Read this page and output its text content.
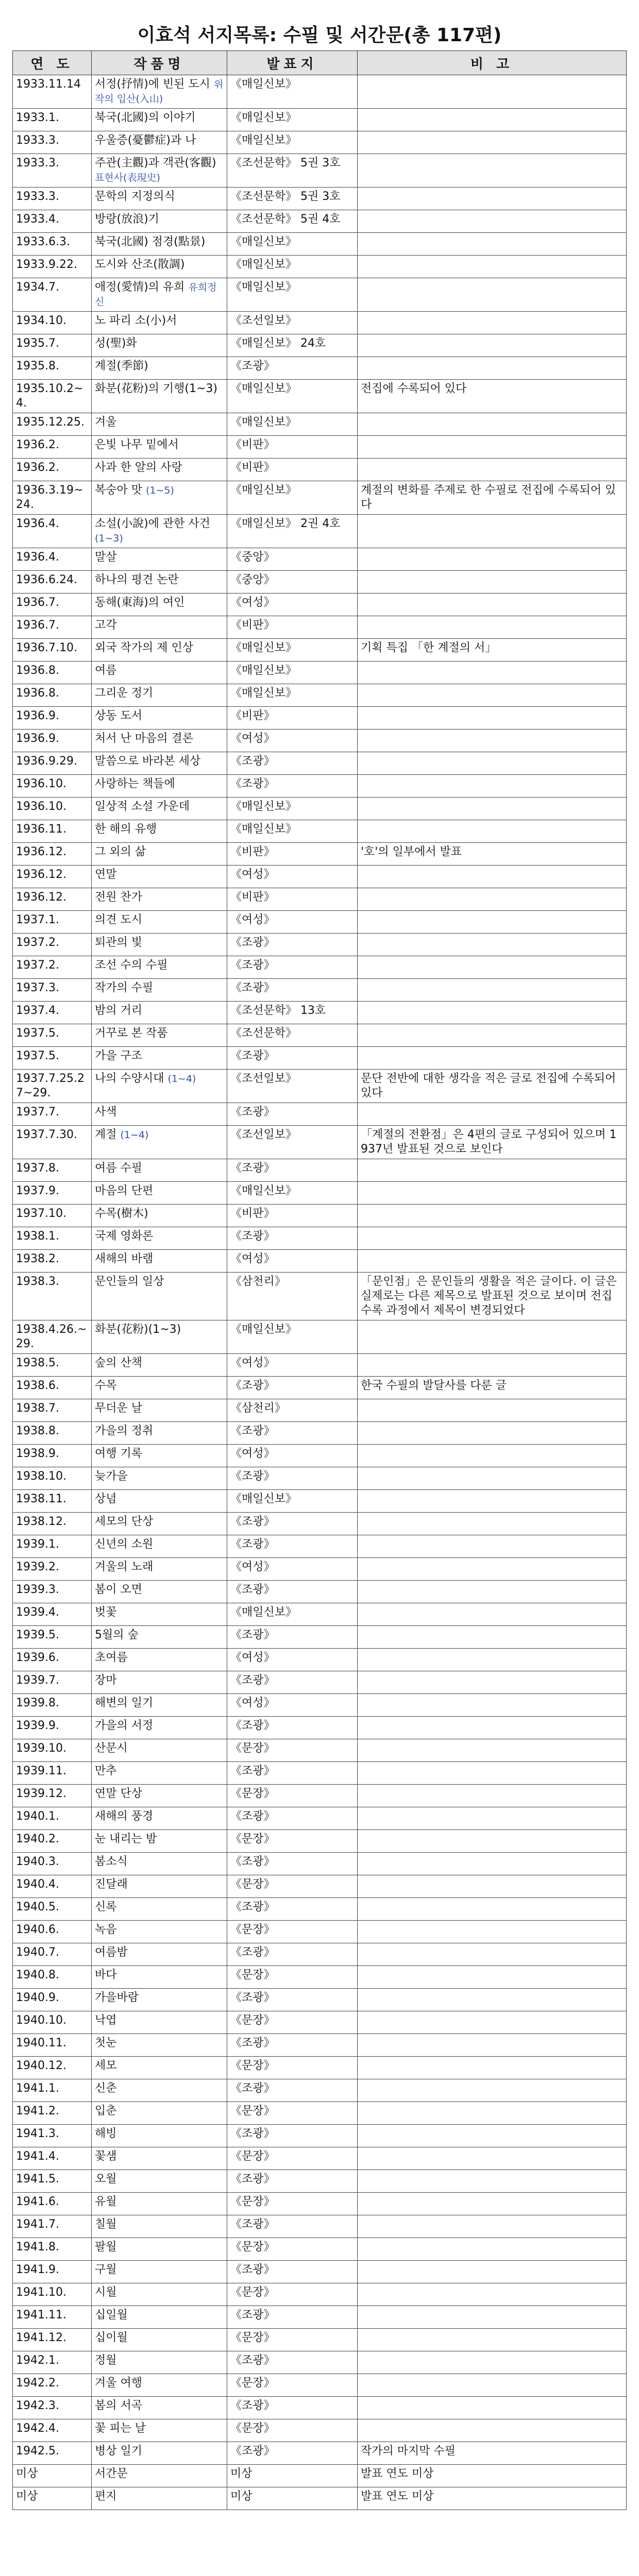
이효석 서지목록: 수필 및 서간문(총 117편)
연 도	작품명	발표지	비 고
1933.11.14	서정(抒情)에 빈된 도시 위작의 입산(入山)	《매일신보》	
1933.1.	북국(北國)의 이야기	《매일신보》	
1933.3.	우울증(憂鬱症)과 나	《매일신보》	
1933.3.	주관(主觀)과 객관(客觀) 표현사(表現史)	《조선문학》 5권 3호	
1933.3.	문학의 지정의식	《조선문학》 5권 3호	
1933.4.	방랑(放浪)기	《조선문학》 5권 4호	
1933.6.3.	북국(北國) 점경(點景)	《매일신보》	
1933.9.22.	도시와 산조(散調)	《매일신보》	
1934.7.	애정(愛情)의 유희 유희정신	《매일신보》	
1934.10.	노 파리 소(小)서	《조선일보》	
1935.7.	성(聖)화	《매일신보》 24호	
1935.8.	계절(季節)	《조광》	
1935.10.2~4.	화분(花粉)의 기행(1~3)	《매일신보》	전집에 수록되어 있다
1935.12.25.	겨울	《매일신보》	
1936.2.	은빛 나무 밑에서	《비판》	
1936.2.	사과 한 알의 사랑	《비판》	
1936.3.19~24.	복숭아 맛 (1~5)	《매일신보》	계절의 변화를 주제로 한 수필로 전집에 수록되어 있다
1936.4.	소설(小說)에 관한 사건 (1~3)	《매일신보》 2권 4호	
1936.4.	말살	《중앙》	
1936.6.24.	하나의 평견 논란	《중앙》	
1936.7.	동해(東海)의 여인	《여성》	
1936.7.	고각	《비판》	
1936.7.10.	외국 작가의 제 인상	《매일신보》	기획 특집 「한 계절의 서」
1936.8.	여름	《매일신보》	
1936.8.	그리운 정기	《매일신보》	
1936.9.	상동 도서	《비판》	
1936.9.	처서 난 마음의 결론	《여성》	
1936.9.29.	말씀으로 바라본 세상	《조광》	
1936.10.	사랑하는 책들에	《조광》	
1936.10.	일상적 소설 가운데	《매일신보》	
1936.11.	한 해의 유행	《매일신보》	
1936.12.	그 외의 삶	《비판》	'호'의 일부에서 발표
1936.12.	연말	《여성》	
1936.12.	전원 찬가	《비판》	
1937.1.	의견 도시	《여성》	
1937.2.	퇴관의 빛	《조광》	
1937.2.	조선 수의 수필	《조광》	
1937.3.	작가의 수필	《조광》	
1937.4.	밤의 거리	《조선문학》 13호	
1937.5.	거꾸로 본 작품	《조선문학》	
1937.5.	가을 구조	《조광》	
1937.7.25.27~29.	나의 수양시대 (1~4)	《조선일보》	문단 전반에 대한 생각을 적은 글로 전집에 수록되어 있다
1937.7.	사색	《조광》	
1937.7.30.	계절 (1~4)	《조선일보》	「계절의 전환점」은 4편의 글로 구성되어 있으며 1937년 발표된 것으로 보인다
1937.8.	여름 수필	《조광》	
1937.9.	마음의 단편	《매일신보》	
1937.10.	수목(樹木)	《비판》	
1938.1.	국제 영화론	《조광》	
1938.2.	새해의 바램	《여성》	
1938.3.	문인들의 일상	《삼천리》	「문인점」은 문인들의 생활을 적은 글이다. 이 글은 실제로는 다른 제목으로 발표된 것으로 보이며 전집 수록 과정에서 제목이 변경되었다
1938.4.26.~29.	화분(花粉)(1~3)	《매일신보》	
1938.5.	숲의 산책	《여성》	
1938.6.	수목	《조광》	한국 수필의 발달사를 다룬 글
1938.7.	무더운 날	《삼천리》	
1938.8.	가을의 정취	《조광》	
1938.9.	여행 기록	《여성》	
1938.10.	늦가을	《조광》	
1938.11.	상념	《매일신보》	
1938.12.	세모의 단상	《조광》	
1939.1.	신년의 소원	《조광》	
1939.2.	겨울의 노래	《여성》	
1939.3.	봄이 오면	《조광》	
1939.4.	벚꽃	《매일신보》	
1939.5.	5월의 숲	《조광》	
1939.6.	초여름	《여성》	
1939.7.	장마	《조광》	
1939.8.	해변의 일기	《여성》	
1939.9.	가을의 서정	《조광》	
1939.10.	산문시	《문장》	
1939.11.	만추	《조광》	
1939.12.	연말 단상	《문장》	
1940.1.	새해의 풍경	《조광》	
1940.2.	눈 내리는 밤	《문장》	
1940.3.	봄소식	《조광》	
1940.4.	진달래	《문장》	
1940.5.	신록	《조광》	
1940.6.	녹음	《문장》	
1940.7.	여름밤	《조광》	
1940.8.	바다	《문장》	
1940.9.	가을바람	《조광》	
1940.10.	낙엽	《문장》	
1940.11.	첫눈	《조광》	
1940.12.	세모	《문장》	
1941.1.	신춘	《조광》	
1941.2.	입춘	《문장》	
1941.3.	해빙	《조광》	
1941.4.	꽃샘	《문장》	
1941.5.	오월	《조광》	
1941.6.	유월	《문장》	
1941.7.	칠월	《조광》	
1941.8.	팔월	《문장》	
1941.9.	구월	《조광》	
1941.10.	시월	《문장》	
1941.11.	십일월	《조광》	
1941.12.	십이월	《문장》	
1942.1.	정월	《조광》	
1942.2.	겨울 여행	《문장》	
1942.3.	봄의 서곡	《조광》	
1942.4.	꽃 피는 날	《문장》	
1942.5.	병상 일기	《조광》	작가의 마지막 수필
미상	서간문	미상	발표 연도 미상
미상	편지	미상	발표 연도 미상
